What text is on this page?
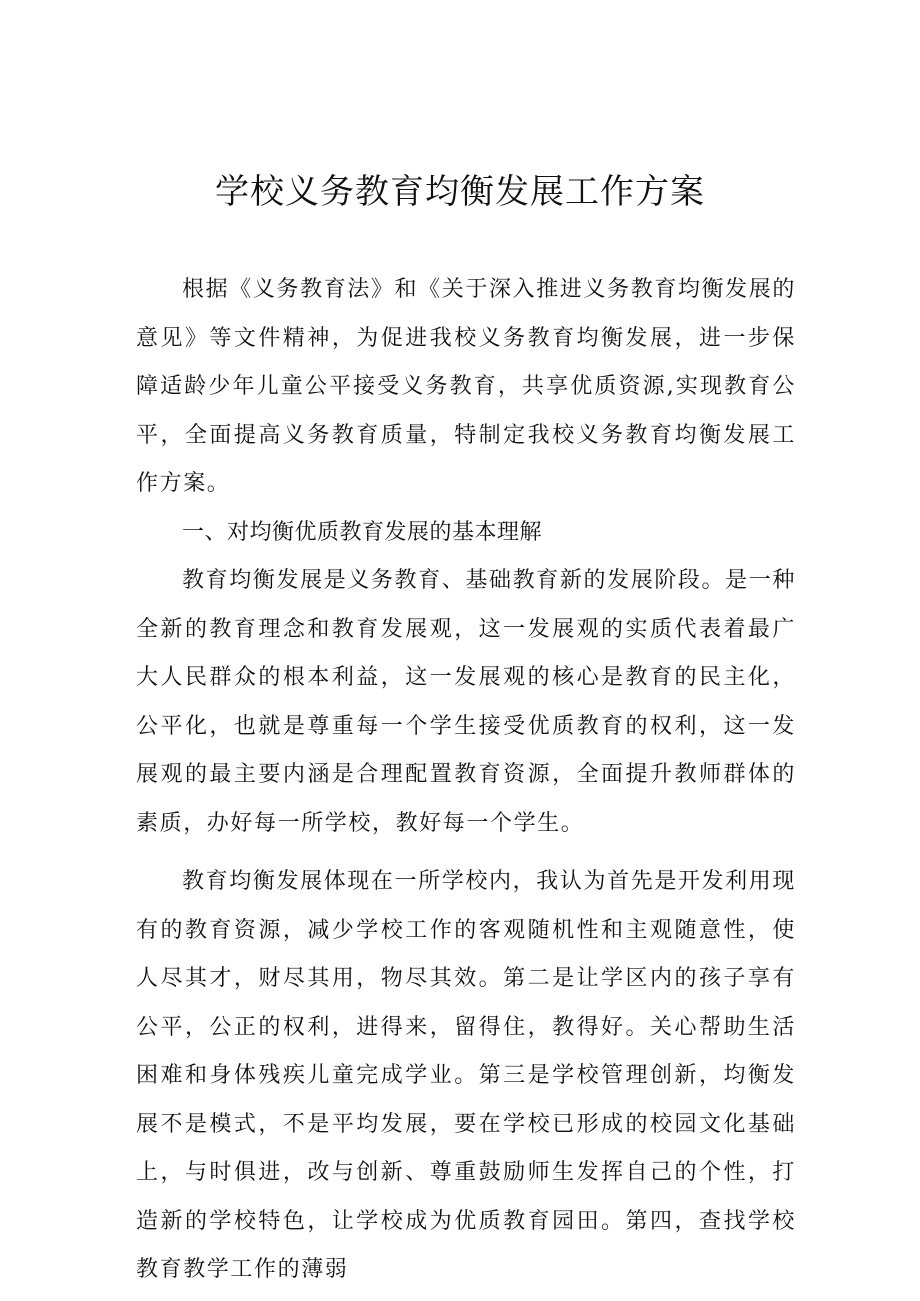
学校义务教育均衡发展工作方案

根据《义务教育法》和《关于深入推进义务教育均衡发展的意见》等文件精神，为促进我校义务教育均衡发展，进一步保障适龄少年儿童公平接受义务教育，共享优质资源,实现教育公平，全面提高义务教育质量，特制定我校义务教育均衡发展工作方案。

一、对均衡优质教育发展的基本理解

教育均衡发展是义务教育、基础教育新的发展阶段。是一种全新的教育理念和教育发展观，这一发展观的实质代表着最广大人民群众的根本利益，这一发展观的核心是教育的民主化，公平化，也就是尊重每一个学生接受优质教育的权利，这一发展观的最主要内涵是合理配置教育资源，全面提升教师群体的素质，办好每一所学校，教好每一个学生。

教育均衡发展体现在一所学校内，我认为首先是开发利用现有的教育资源，减少学校工作的客观随机性和主观随意性，使人尽其才，财尽其用，物尽其效。第二是让学区内的孩子享有公平，公正的权利，进得来，留得住，教得好。关心帮助生活困难和身体残疾儿童完成学业。第三是学校管理创新，均衡发展不是模式，不是平均发展，要在学校已形成的校园文化基础上，与时俱进，改与创新、尊重鼓励师生发挥自己的个性，打造新的学校特色，让学校成为优质教育园田。第四，查找学校教育教学工作的薄弱
